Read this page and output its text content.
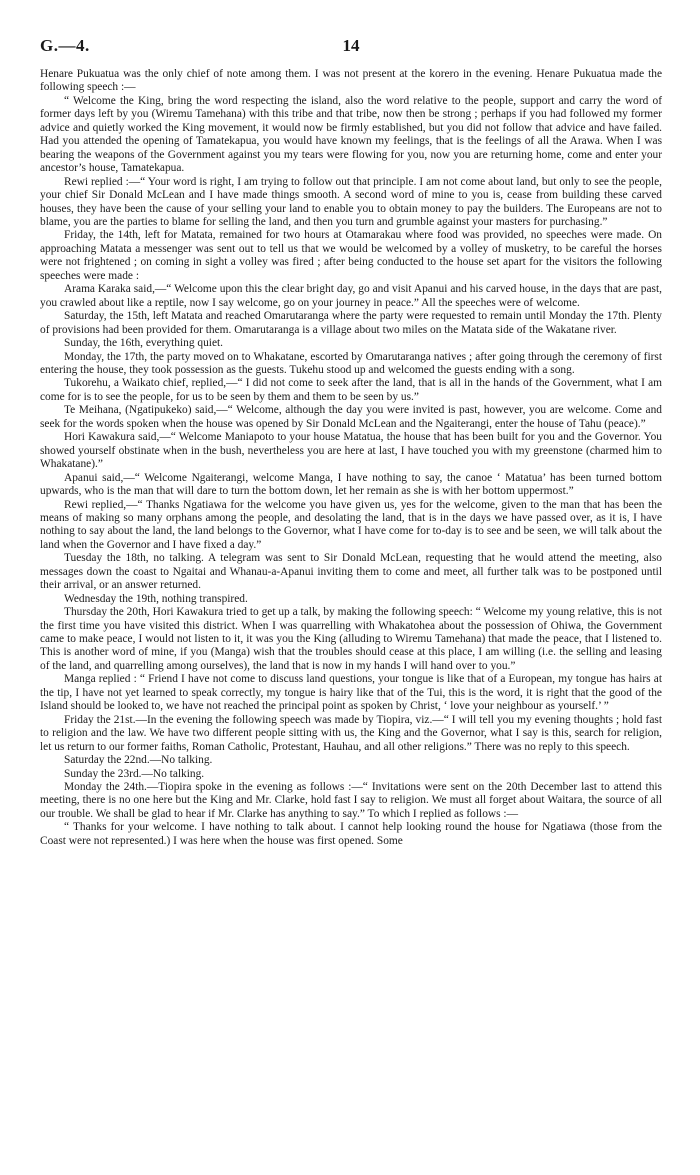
G.—4.	14

Henare Pukuatua was the only chief of note among them. I was not present at the korero in the evening. Henare Pukuatua made the following speech :—

“ Welcome the King, bring the word respecting the island, also the word relative to the people, support and carry the word of former days left by you (Wiremu Tamehana) with this tribe and that tribe, now then be strong ; perhaps if you had followed my former advice and quietly worked the King movement, it would now be firmly established, but you did not follow that advice and have failed. Had you attended the opening of Tamatekapua, you would have known my feelings, that is the feelings of all the Arawa. When I was bearing the weapons of the Government against you my tears were flowing for you, now you are returning home, come and enter your ancestor’s house, Tamatekapua.

Rewi replied :—“ Your word is right, I am trying to follow out that principle. I am not come about land, but only to see the people, your chief Sir Donald McLean and I have made things smooth. A second word of mine to you is, cease from building these carved houses, they have been the cause of your selling your land to enable you to obtain money to pay the builders. The Europeans are not to blame, you are the parties to blame for selling the land, and then you turn and grumble against your masters for purchasing.”

Friday, the 14th, left for Matata, remained for two hours at Otamarakau where food was provided, no speeches were made. On approaching Matata a messenger was sent out to tell us that we would be welcomed by a volley of musketry, to be careful the horses were not frightened ; on coming in sight a volley was fired ; after being conducted to the house set apart for the visitors the following speeches were made :

Arama Karaka said,—“ Welcome upon this the clear bright day, go and visit Apanui and his carved house, in the days that are past, you crawled about like a reptile, now I say welcome, go on your journey in peace.” All the speeches were of welcome.

Saturday, the 15th, left Matata and reached Omarutaranga where the party were requested to remain until Monday the 17th. Plenty of provisions had been provided for them. Omarutaranga is a village about two miles on the Matata side of the Wakatane river.

Sunday, the 16th, everything quiet.

Monday, the 17th, the party moved on to Whakatane, escorted by Omarutaranga natives ; after going through the ceremony of first entering the house, they took possession as the guests. Tukehu stood up and welcomed the guests ending with a song.

Tukorehu, a Waikato chief, replied,—“ I did not come to seek after the land, that is all in the hands of the Government, what I am come for is to see the people, for us to be seen by them and them to be seen by us.”

Te Meihana, (Ngatipukeko) said,—“ Welcome, although the day you were invited is past, however, you are welcome. Come and seek for the words spoken when the house was opened by Sir Donald McLean and the Ngaiterangi, enter the house of Tahu (peace).”

Hori Kawakura said,—“ Welcome Maniapoto to your house Matatua, the house that has been built for you and the Governor. You showed yourself obstinate when in the bush, nevertheless you are here at last, I have touched you with my greenstone (charmed him to Whakatane).”

Apanui said,—“ Welcome Ngaiterangi, welcome Manga, I have nothing to say, the canoe ‘ Matatua’ has been turned bottom upwards, who is the man that will dare to turn the bottom down, let her remain as she is with her bottom uppermost.”

Rewi replied,—“ Thanks Ngatiawa for the welcome you have given us, yes for the welcome, given to the man that has been the means of making so many orphans among the people, and desolating the land, that is in the days we have passed over, as it is, I have nothing to say about the land, the land belongs to the Governor, what I have come for to-day is to see and be seen, we will talk about the land when the Governor and I have fixed a day.”

Tuesday the 18th, no talking. A telegram was sent to Sir Donald McLean, requesting that he would attend the meeting, also messages down the coast to Ngaitai and Whanau-a-Apanui inviting them to come and meet, all further talk was to be postponed until their arrival, or an answer returned.

Wednesday the 19th, nothing transpired.

Thursday the 20th, Hori Kawakura tried to get up a talk, by making the following speech: “ Welcome my young relative, this is not the first time you have visited this district. When I was quarrelling with Whakatohea about the possession of Ohiwa, the Government came to make peace, I would not listen to it, it was you the King (alluding to Wiremu Tamehana) that made the peace, that I listened to. This is another word of mine, if you (Manga) wish that the troubles should cease at this place, I am willing (i.e. the selling and leasing of the land, and quarrelling among ourselves), the land that is now in my hands I will hand over to you.”

Manga replied : “ Friend I have not come to discuss land questions, your tongue is like that of a European, my tongue has hairs at the tip, I have not yet learned to speak correctly, my tongue is hairy like that of the Tui, this is the word, it is right that the good of the Island should be looked to, we have not reached the principal point as spoken by Christ, ‘ love your neighbour as yourself.’ ”

Friday the 21st.—In the evening the following speech was made by Tiopira, viz.—“ I will tell you my evening thoughts ; hold fast to religion and the law. We have two different people sitting with us, the King and the Governor, what I say is this, search for religion, let us return to our former faiths, Roman Catholic, Protestant, Hauhau, and all other religions.” There was no reply to this speech.

Saturday the 22nd.—No talking.

Sunday the 23rd.—No talking.

Monday the 24th.—Tiopira spoke in the evening as follows :—“ Invitations were sent on the 20th December last to attend this meeting, there is no one here but the King and Mr. Clarke, hold fast I say to religion. We must all forget about Waitara, the source of all our trouble. We shall be glad to hear if Mr. Clarke has anything to say.” To which I replied as follows :—

“ Thanks for your welcome. I have nothing to talk about. I cannot help looking round the house for Ngatiawa (those from the Coast were not represented.) I was here when the house was first opened. Some
